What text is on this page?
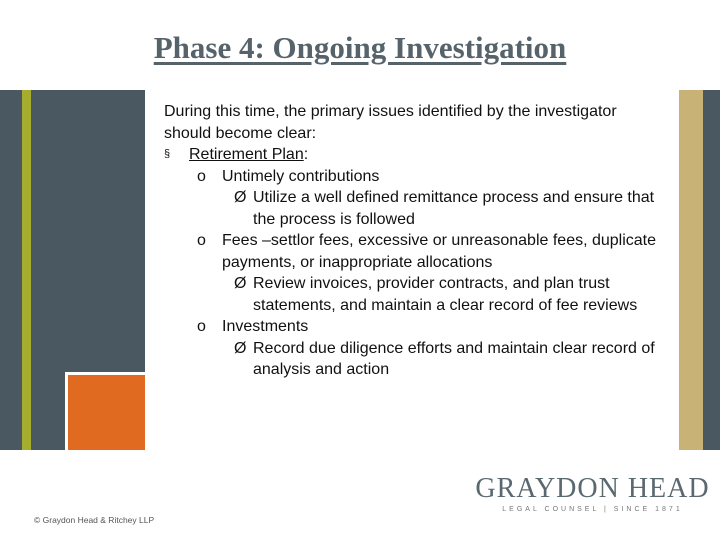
Phase 4: Ongoing Investigation

During this time, the primary issues identified by the investigator should become clear:

§ Retirement Plan:
o Untimely contributions
Ø Utilize a well defined remittance process and ensure that the process is followed
o Fees –settlor fees, excessive or unreasonable fees, duplicate payments, or inappropriate allocations
Ø Review invoices, provider contracts, and plan trust statements, and maintain a clear record of fee reviews
o Investments
Ø Record due diligence efforts and maintain clear record of analysis and action
© Graydon Head & Ritchey LLP
GRAYDON HEAD
LEGAL COUNSEL | SINCE 1871
